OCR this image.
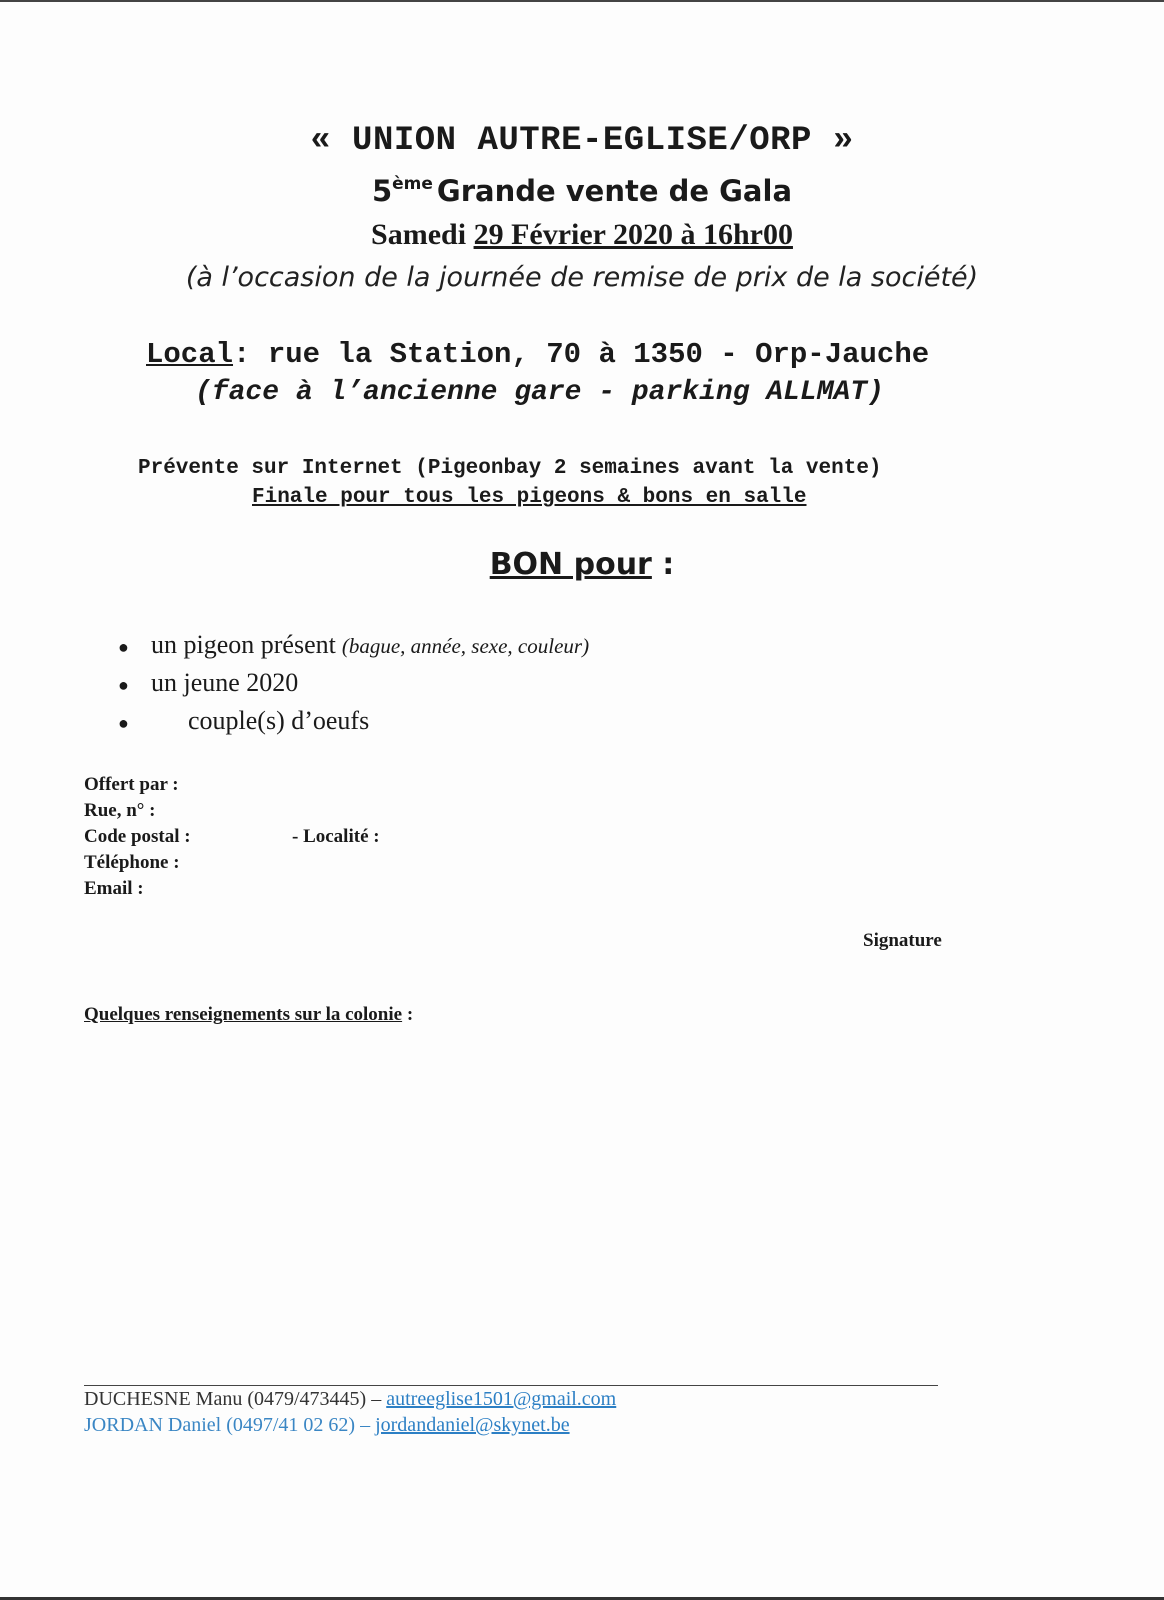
« UNION AUTRE-EGLISE/ORP »
5ème Grande vente de Gala
Samedi 29 Février 2020 à 16hr00
(à l’occasion de la journée de remise de prix de la société)
Local: rue la Station, 70 à 1350 - Orp-Jauche
(face à l’ancienne gare - parking ALLMAT)
Prévente sur Internet (Pigeonbay 2 semaines avant la vente)
Finale pour tous les pigeons & bons en salle
BON pour :
● un pigeon présent (bague, année, sexe, couleur)
● un jeune 2020
●	couple(s) d’oeufs
Offert par :
Rue, n° :
Code postal :	- Localité :
Téléphone :
Email :
Signature
Quelques renseignements sur la colonie :
DUCHESNE Manu (0479/473445) – autreeglise1501@gmail.com
JORDAN Daniel (0497/41 02 62) – jordandaniel@skynet.be
